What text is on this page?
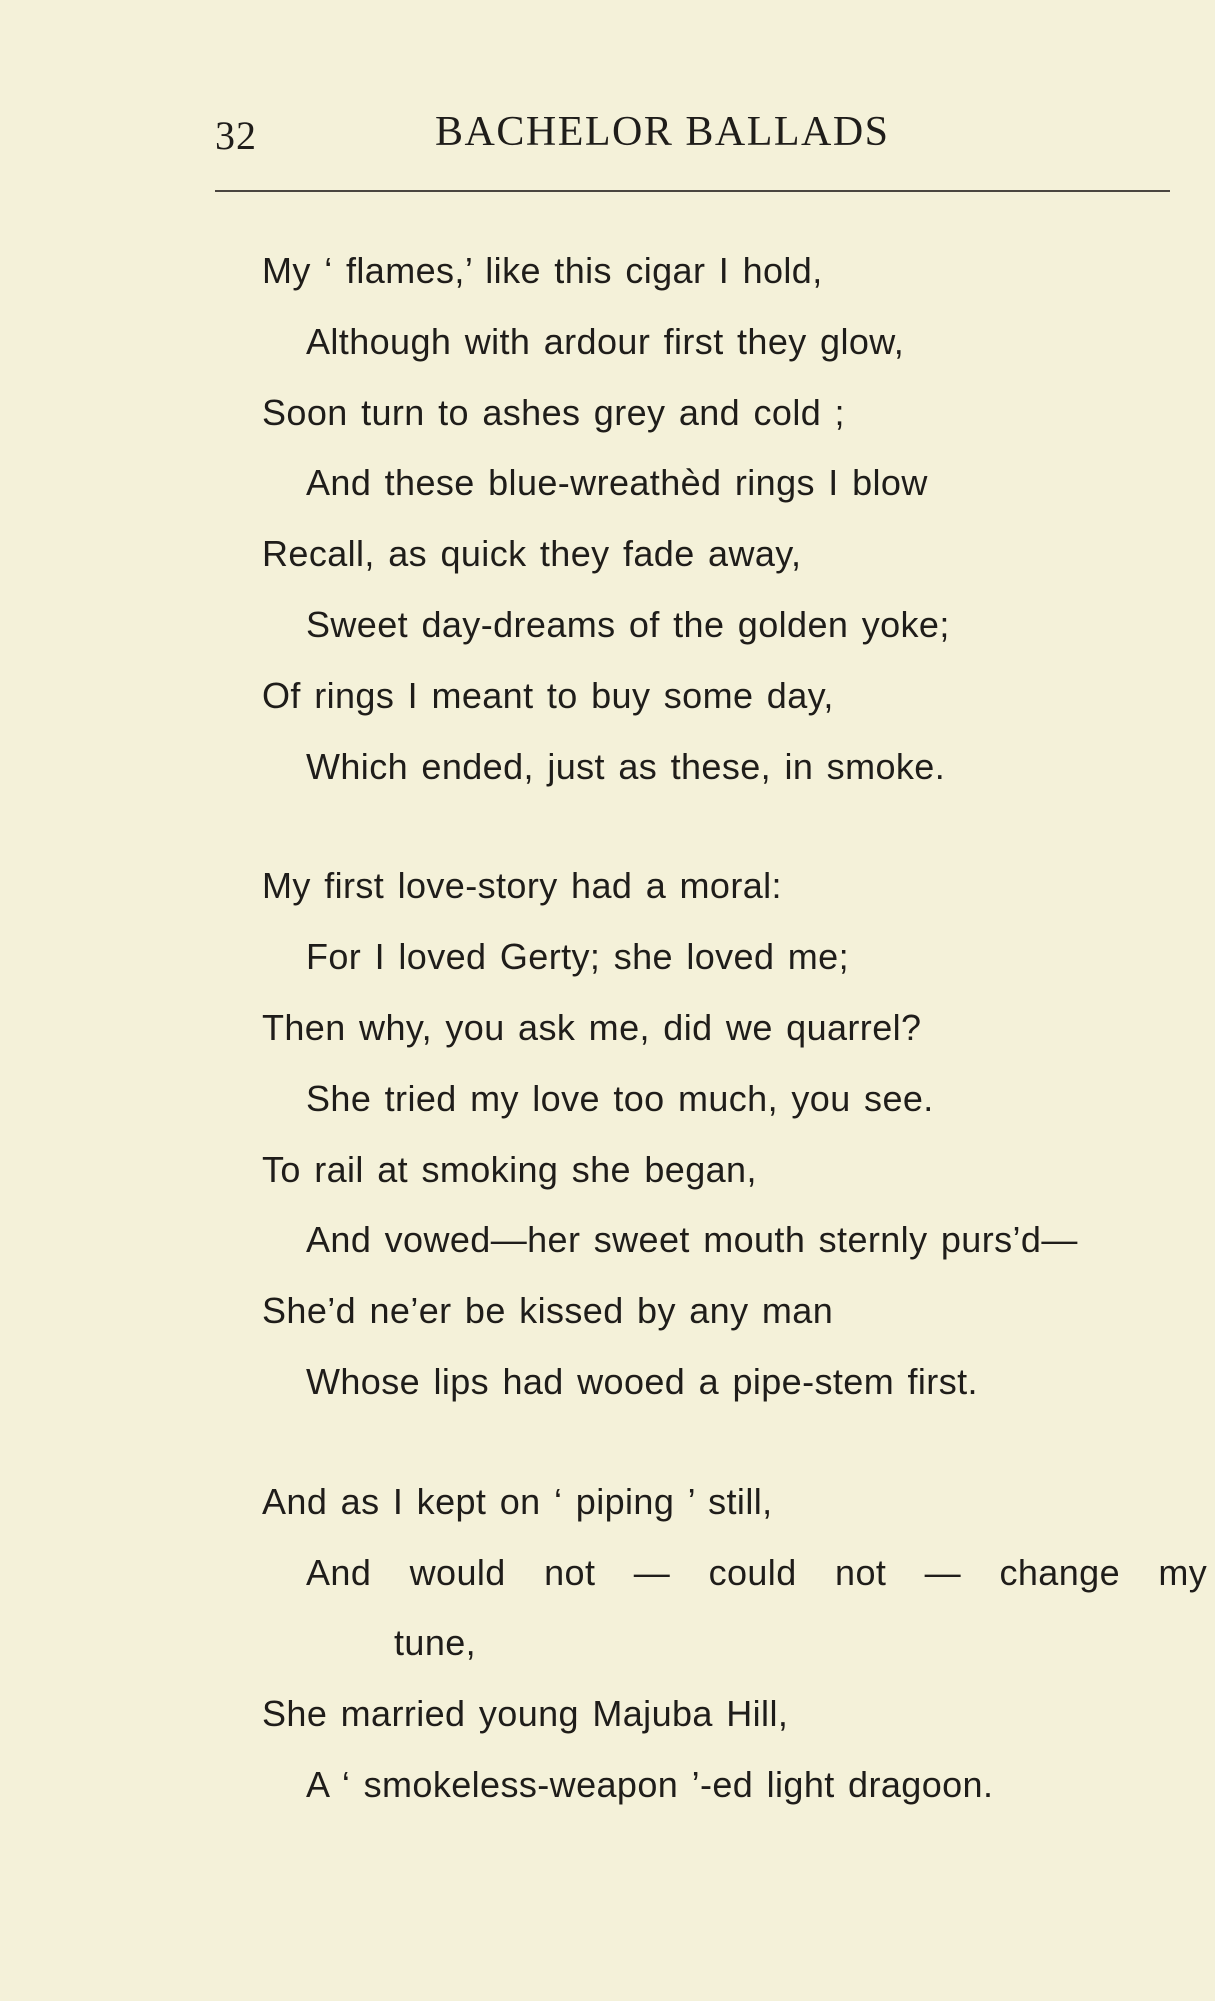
32	BACHELOR BALLADS
My ‘ flames,’ like this cigar I hold,
Although with ardour first they glow,
Soon turn to ashes grey and cold ;
And these blue-wreathèd rings I blow
Recall, as quick they fade away,
Sweet day-dreams of the golden yoke;
Of rings I meant to buy some day,
Which ended, just as these, in smoke.
My first love-story had a moral:
For I loved Gerty; she loved me;
Then why, you ask me, did we quarrel?
She tried my love too much, you see.
To rail at smoking she began,
And vowed—her sweet mouth sternly purs’d—
She’d ne’er be kissed by any man
Whose lips had wooed a pipe-stem first.
And as I kept on ‘ piping ’ still,
And would not — could not — change my
tune,
She married young Majuba Hill,
A ‘ smokeless-weapon ’-ed light dragoon.
